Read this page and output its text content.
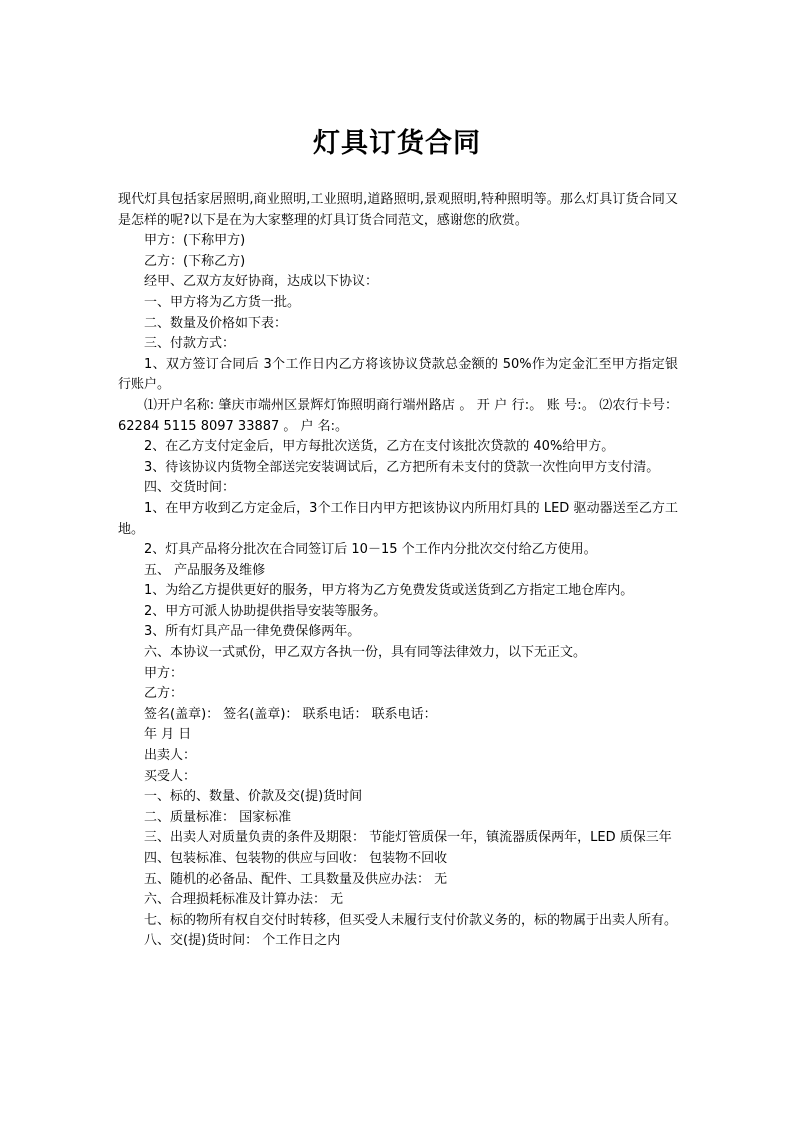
灯具订货合同

现代灯具包括家居照明,商业照明,工业照明,道路照明,景观照明,特种照明等。那么灯具订货合同又是怎样的呢?以下是在为大家整理的灯具订货合同范文，感谢您的欣赏。

甲方：(下称甲方)

乙方：(下称乙方)

经甲、乙双方友好协商，达成以下协议：

一、甲方将为乙方货一批。

二、数量及价格如下表：

三、付款方式：

1、双方签订合同后 3个工作日内乙方将该协议贷款总金额的 50%作为定金汇至甲方指定银行账户。

⑴开户名称: 肇庆市端州区景辉灯饰照明商行端州路店 。 开 户 行:。 账 号:。 ⑵农行卡号： 62284 5115 8097 33887 。 户 名:。

2、在乙方支付定金后，甲方每批次送货，乙方在支付该批次贷款的 40%给甲方。

3、待该协议内货物全部送完安装调试后，乙方把所有未支付的贷款一次性向甲方支付清。

四、交货时间：

1、在甲方收到乙方定金后，3个工作日内甲方把该协议内所用灯具的 LED 驱动器送至乙方工地。

2、灯具产品将分批次在合同签订后 10－15 个工作内分批次交付给乙方使用。

五、 产品服务及维修

1、为给乙方提供更好的服务，甲方将为乙方免费发货或送货到乙方指定工地仓库内。

2、甲方可派人协助提供指导安装等服务。

3、所有灯具产品一律免费保修两年。

六、本协议一式贰份，甲乙双方各执一份，具有同等法律效力，以下无正文。

甲方：

乙方：

签名(盖章)： 签名(盖章)： 联系电话： 联系电话：

年 月 日

出卖人：

买受人：

一、标的、数量、价款及交(提)货时间

二、质量标准： 国家标准

三、出卖人对质量负责的条件及期限： 节能灯管质保一年，镇流器质保两年，LED 质保三年

四、包装标准、包装物的供应与回收： 包装物不回收

五、随机的必备品、配件、工具数量及供应办法： 无

六、合理损耗标准及计算办法： 无

七、标的物所有权自交付时转移，但买受人未履行支付价款义务的，标的物属于出卖人所有。

八、交(提)货时间： 个工作日之内
